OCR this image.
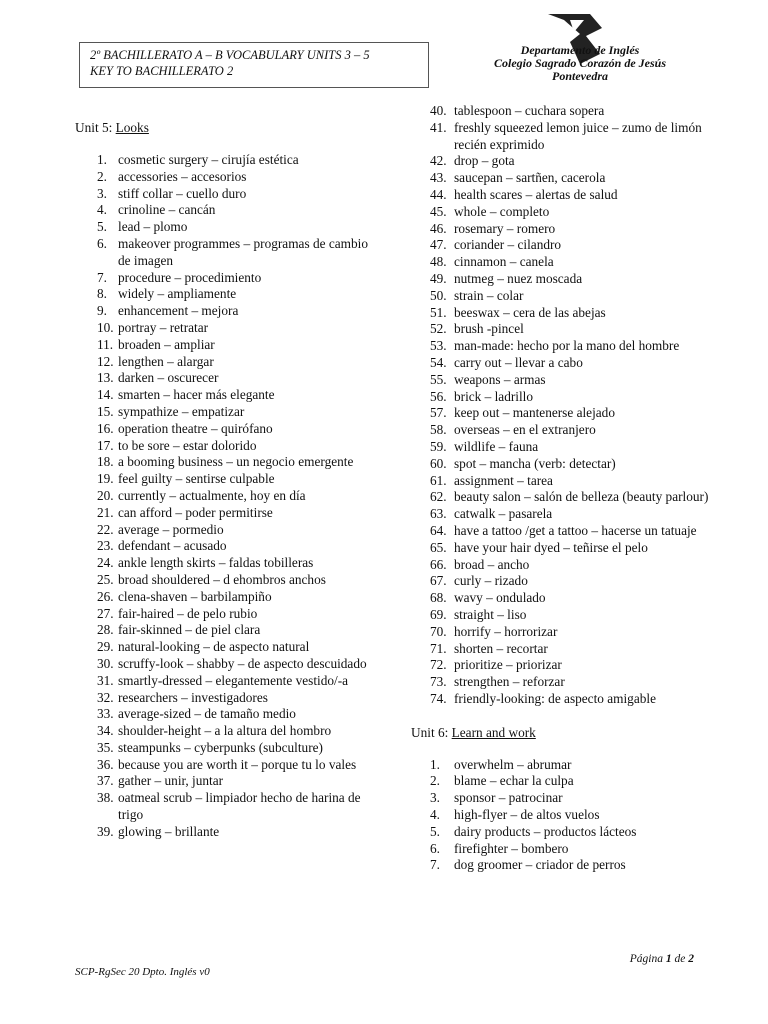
2º BACHILLERATO A – B VOCABULARY UNITS 3 – 5
KEY TO BACHILLERATO 2
Departamento de Inglés
Colegio Sagrado Corazón de Jesús
Pontevedra
Unit 5: Looks
1. cosmetic surgery – cirujía estética
2. accessories – accesorios
3. stiff collar – cuello duro
4. crinoline – cancán
5. lead – plomo
6. makeover programmes – programas de cambio de imagen
7. procedure – procedimiento
8. widely – ampliamente
9. enhancement – mejora
10. portray – retratar
11. broaden – ampliar
12. lengthen – alargar
13. darken – oscurecer
14. smarten – hacer más elegante
15. sympathize – empatizar
16. operation theatre – quirófano
17. to be sore – estar dolorido
18. a booming business – un negocio emergente
19. feel guilty – sentirse culpable
20. currently – actualmente, hoy en día
21. can afford – poder permitirse
22. average – pormedio
23. defendant – acusado
24. ankle length skirts – faldas tobilleras
25. broad shouldered – d ehombros anchos
26. clena-shaven – barbilampiño
27. fair-haired – de pelo rubio
28. fair-skinned – de piel clara
29. natural-looking – de aspecto natural
30. scruffy-look – shabby – de aspecto descuidado
31. smartly-dressed – elegantemente vestido/-a
32. researchers – investigadores
33. average-sized – de tamaño medio
34. shoulder-height – a la altura del hombro
35. steampunks – cyberpunks (subculture)
36. because you are worth it – porque tu lo vales
37. gather – unir, juntar
38. oatmeal scrub – limpiador hecho de harina de trigo
39. glowing – brillante
40. tablespoon – cuchara sopera
41. freshly squeezed lemon juice – zumo de limón recién exprimido
42. drop – gota
43. saucepan – sartñen, cacerola
44. health scares – alertas de salud
45. whole – completo
46. rosemary – romero
47. coriander – cilandro
48. cinnamon – canela
49. nutmeg – nuez moscada
50. strain – colar
51. beeswax – cera de las abejas
52. brush -pincel
53. man-made: hecho por la mano del hombre
54. carry out – llevar a cabo
55. weapons – armas
56. brick – ladrillo
57. keep out – mantenerse alejado
58. overseas – en el extranjero
59. wildlife – fauna
60. spot – mancha (verb: detectar)
61. assignment – tarea
62. beauty salon – salón de belleza (beauty parlour)
63. catwalk – pasarela
64. have a tattoo /get a tattoo – hacerse un tatuaje
65. have your hair dyed – teñirse el pelo
66. broad – ancho
67. curly – rizado
68. wavy – ondulado
69. straight – liso
70. horrify – horrorizar
71. shorten – recortar
72. prioritize – priorizar
73. strengthen – reforzar
74. friendly-looking: de aspecto amigable
Unit 6: Learn and work
1.	overwhelm – abrumar
2.	blame – echar la culpa
3.	sponsor – patrocinar
4.	high-flyer – de altos vuelos
5.	dairy products – productos lácteos
6.	firefighter – bombero
7.	dog groomer – criador de perros
SCP-RgSec 20 Dpto. Inglés v0
Página 1 de 2
